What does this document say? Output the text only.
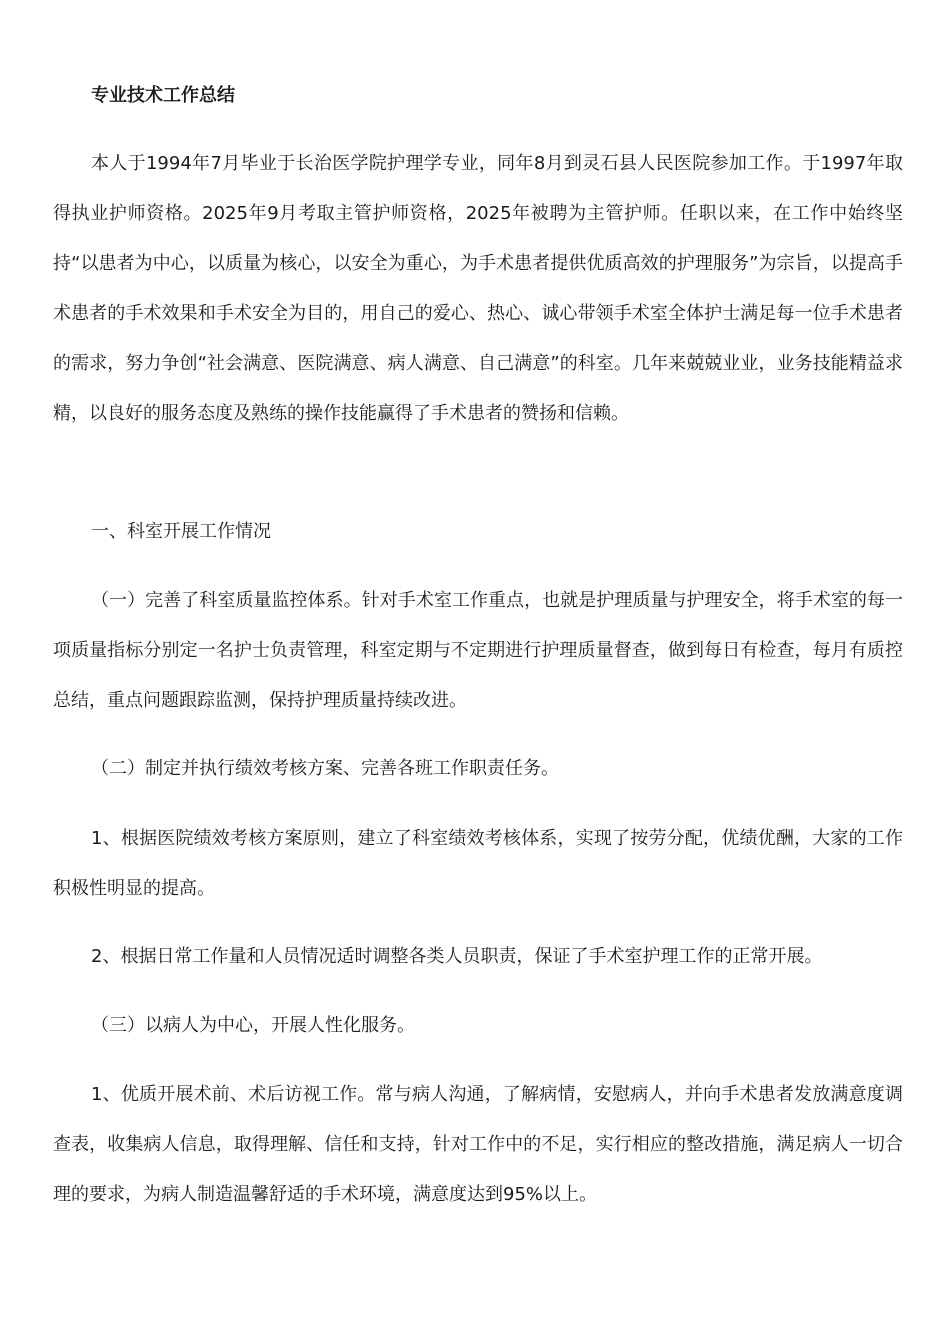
专业技术工作总结

本人于1994年7月毕业于长治医学院护理学专业，同年8月到灵石县人民医院参加工作。于1997年取得执业护师资格。2025年9月考取主管护师资格，2025年被聘为主管护师。任职以来，在工作中始终坚持“以患者为中心，以质量为核心，以安全为重心，为手术患者提供优质高效的护理服务”为宗旨，以提高手术患者的手术效果和手术安全为目的，用自己的爱心、热心、诚心带领手术室全体护士满足每一位手术患者的需求，努力争创“社会满意、医院满意、病人满意、自己满意”的科室。几年来兢兢业业，业务技能精益求精，以良好的服务态度及熟练的操作技能赢得了手术患者的赞扬和信赖。

一、科室开展工作情况

（一）完善了科室质量监控体系。针对手术室工作重点，也就是护理质量与护理安全，将手术室的每一项质量指标分别定一名护士负责管理，科室定期与不定期进行护理质量督查，做到每日有检查，每月有质控总结，重点问题跟踪监测，保持护理质量持续改进。

（二）制定并执行绩效考核方案、完善各班工作职责任务。

1、根据医院绩效考核方案原则，建立了科室绩效考核体系，实现了按劳分配，优绩优酬，大家的工作积极性明显的提高。

2、根据日常工作量和人员情况适时调整各类人员职责，保证了手术室护理工作的正常开展。

（三）以病人为中心，开展人性化服务。

1、优质开展术前、术后访视工作。常与病人沟通，了解病情，安慰病人，并向手术患者发放满意度调查表，收集病人信息，取得理解、信任和支持，针对工作中的不足，实行相应的整改措施，满足病人一切合理的要求，为病人制造温馨舒适的手术环境，满意度达到95%以上。
